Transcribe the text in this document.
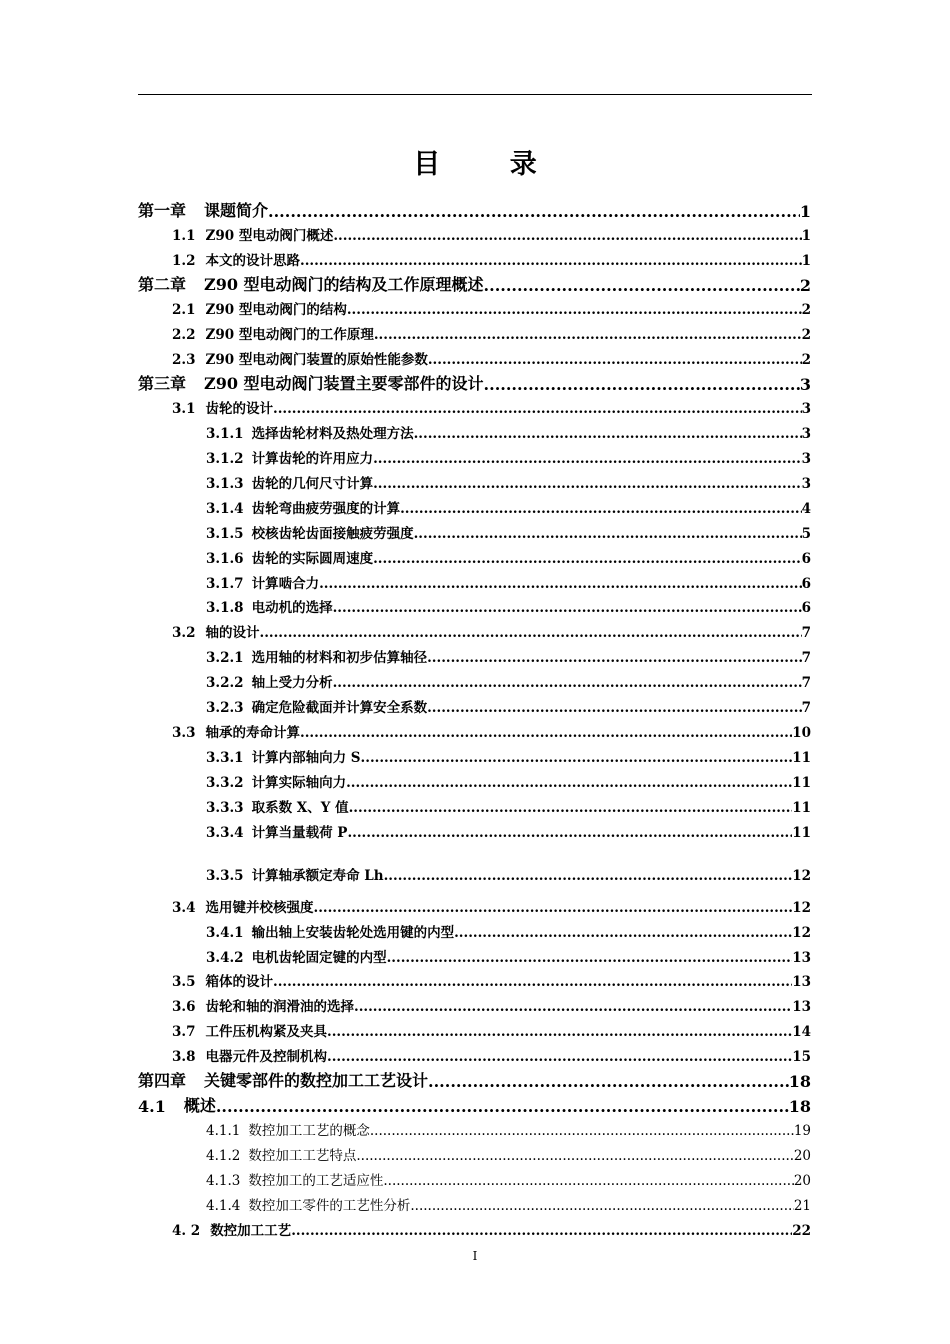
目 录
第一章 课题简介 .....	1
1.1 Z90 型电动阀门概述 .....	1
1.2 本文的设计思路 .....	1
第二章 Z90 型电动阀门的结构及工作原理概述 .....	2
2.1 Z90 型电动阀门的结构 .....	2
2.2 Z90 型电动阀门的工作原理 .....	2
2.3 Z90 型电动阀门装置的原始性能参数 .....	2
第三章 Z90 型电动阀门装置主要零部件的设计 .....	3
3.1 齿轮的设计 .....	3
3.1.1 选择齿轮材料及热处理方法 .....	3
3.1.2 计算齿轮的许用应力 .....	3
3.1.3 齿轮的几何尺寸计算 .....	3
3.1.4 齿轮弯曲疲劳强度的计算 .....	4
3.1.5 校核齿轮齿面接触疲劳强度 .....	5
3.1.6 齿轮的实际圆周速度 .....	6
3.1.7 计算啮合力 .....	6
3.1.8 电动机的选择 .....	6
3.2 轴的设计 .....	7
3.2.1 选用轴的材料和初步估算轴径 .....	7
3.2.2 轴上受力分析 .....	7
3.2.3 确定危险截面并计算安全系数 .....	7
3.3 轴承的寿命计算 .....	10
3.3.1 计算内部轴向力 S .....	11
3.3.2 计算实际轴向力 .....	11
3.3.3 取系数 X、Y 值 .....	11
3.3.4 计算当量载荷 P .....	11
3.3.5 计算轴承额定寿命 Lh .....	12
3.4 选用键并校核强度 .....	12
3.4.1 输出轴上安装齿轮处选用键的内型 .....	12
3.4.2 电机齿轮固定键的内型 .....	13
3.5 箱体的设计 .....	13
3.6 齿轮和轴的润滑油的选择 .....	13
3.7 工件压机构紧及夹具 .....	14
3.8 电器元件及控制机构 .....	15
第四章 关键零部件的数控加工工艺设计 .....	18
4.1 概述 .....	18
4.1.1 数控加工工艺的概念 .....	19
4.1.2 数控加工工艺特点 .....	20
4.1.3 数控加工的工艺适应性 .....	20
4.1.4 数控加工零件的工艺性分析 .....	21
4. 2 数控加工工艺 .....	22
I
